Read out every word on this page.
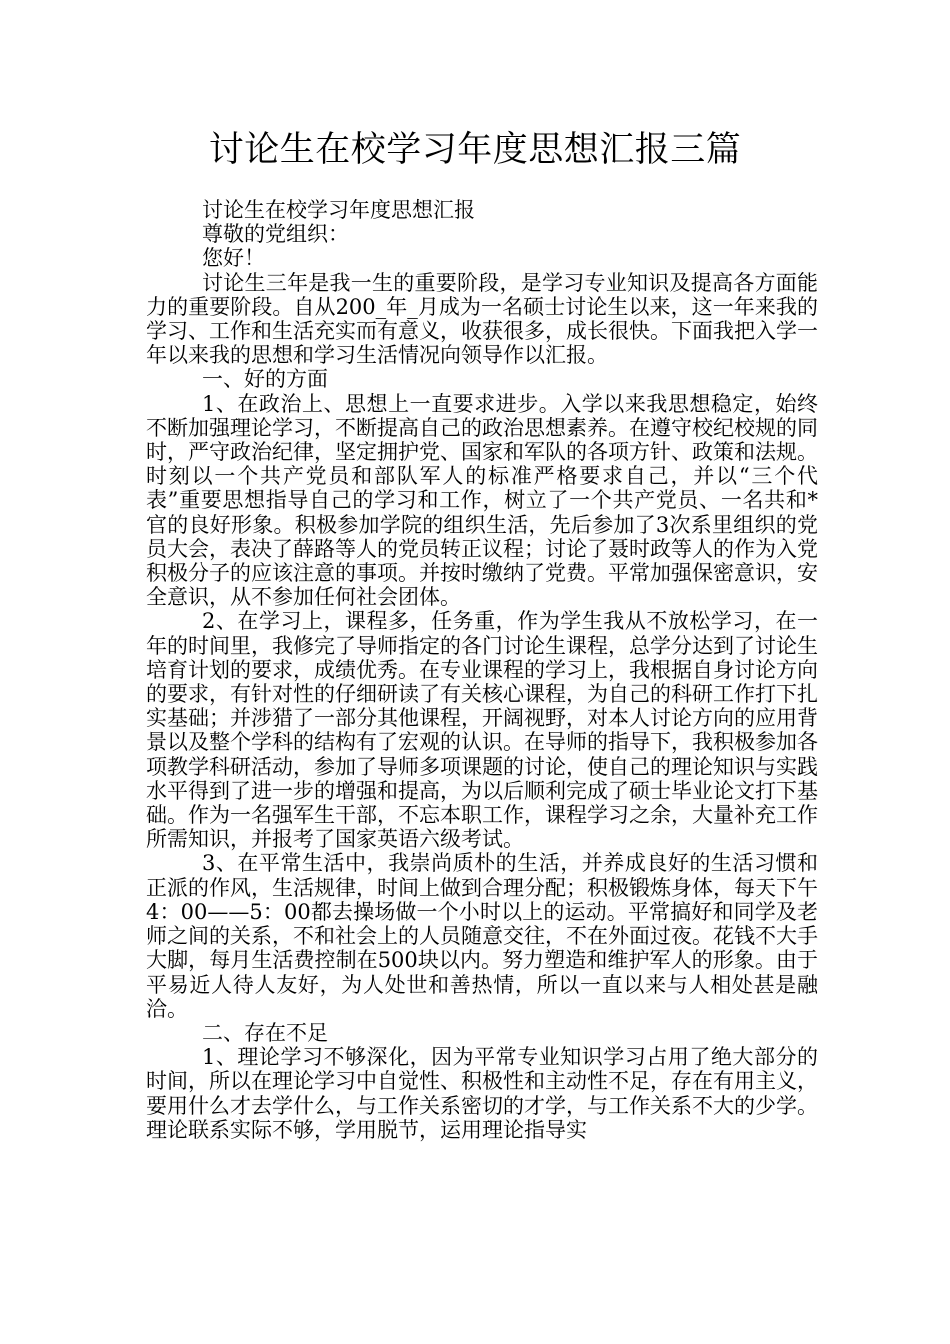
讨论生在校学习年度思想汇报三篇

讨论生在校学习年度思想汇报

尊敬的党组织：

您好！

讨论生三年是我一生的重要阶段，是学习专业知识及提高各方面能力的重要阶段。自从200_年_月成为一名硕士讨论生以来，这一年来我的学习、工作和生活充实而有意义，收获很多，成长很快。下面我把入学一年以来我的思想和学习生活情况向领导作以汇报。

一、好的方面

1、在政治上、思想上一直要求进步。入学以来我思想稳定，始终不断加强理论学习，不断提高自己的政治思想素养。在遵守校纪校规的同时，严守政治纪律，坚定拥护党、国家和军队的各项方针、政策和法规。时刻以一个共产党员和部队军人的标准严格要求自己，并以“三个代表”重要思想指导自己的学习和工作，树立了一个共产党员、一名共和*官的良好形象。积极参加学院的组织生活，先后参加了3次系里组织的党员大会，表决了薛路等人的党员转正议程；讨论了聂时政等人的作为入党积极分子的应该注意的事项。并按时缴纳了党费。平常加强保密意识，安全意识，从不参加任何社会团体。

2、在学习上，课程多，任务重，作为学生我从不放松学习，在一年的时间里，我修完了导师指定的各门讨论生课程，总学分达到了讨论生培育计划的要求，成绩优秀。在专业课程的学习上，我根据自身讨论方向的要求，有针对性的仔细研读了有关核心课程，为自己的科研工作打下扎实基础；并涉猎了一部分其他课程，开阔视野，对本人讨论方向的应用背景以及整个学科的结构有了宏观的认识。在导师的指导下，我积极参加各项教学科研活动，参加了导师多项课题的讨论，使自己的理论知识与实践水平得到了进一步的增强和提高，为以后顺利完成了硕士毕业论文打下基础。作为一名强军生干部，不忘本职工作，课程学习之余，大量补充工作所需知识，并报考了国家英语六级考试。

3、在平常生活中，我崇尚质朴的生活，并养成良好的生活习惯和正派的作风，生活规律，时间上做到合理分配；积极锻炼身体，每天下午4：00——5：00都去操场做一个小时以上的运动。平常搞好和同学及老师之间的关系，不和社会上的人员随意交往，不在外面过夜。花钱不大手大脚，每月生活费控制在500块以内。努力塑造和维护军人的形象。由于平易近人待人友好，为人处世和善热情，所以一直以来与人相处甚是融洽。

二、存在不足

1、理论学习不够深化，因为平常专业知识学习占用了绝大部分的时间，所以在理论学习中自觉性、积极性和主动性不足，存在有用主义，要用什么才去学什么，与工作关系密切的才学，与工作关系不大的少学。理论联系实际不够，学用脱节，运用理论指导实
